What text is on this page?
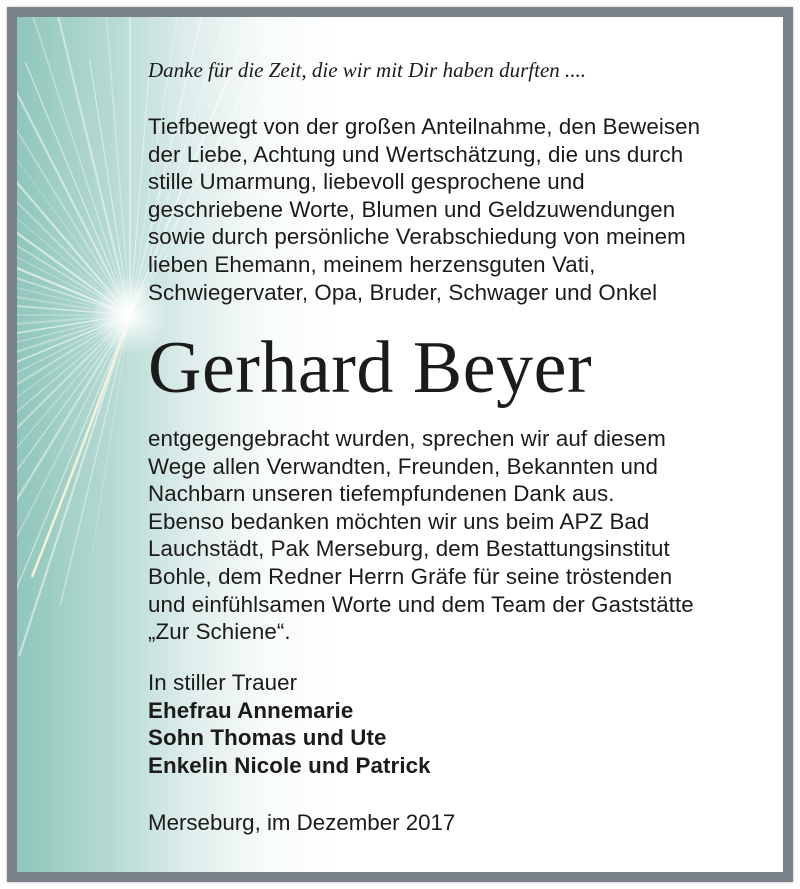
Danke für die Zeit, die wir mit Dir haben durften ....
Tiefbewegt von der großen Anteilnahme, den Beweisen
der Liebe, Achtung und Wertschätzung, die uns durch
stille Umarmung, liebevoll gesprochene und
geschriebene Worte, Blumen und Geldzuwendungen
sowie durch persönliche Verabschiedung von meinem
lieben Ehemann, meinem herzensguten Vati,
Schwiegervater, Opa, Bruder, Schwager und Onkel
Gerhard Beyer
entgegengebracht wurden, sprechen wir auf diesem
Wege allen Verwandten, Freunden, Bekannten und
Nachbarn unseren tiefempfundenen Dank aus.
Ebenso bedanken möchten wir uns beim APZ Bad
Lauchstädt, Pak Merseburg, dem Bestattungsinstitut
Bohle, dem Redner Herrn Gräfe für seine tröstenden
und einfühlsamen Worte und dem Team der Gaststätte
„Zur Schiene“.
In stiller Trauer
Ehefrau Annemarie
Sohn Thomas und Ute
Enkelin Nicole und Patrick
Merseburg, im Dezember 2017
